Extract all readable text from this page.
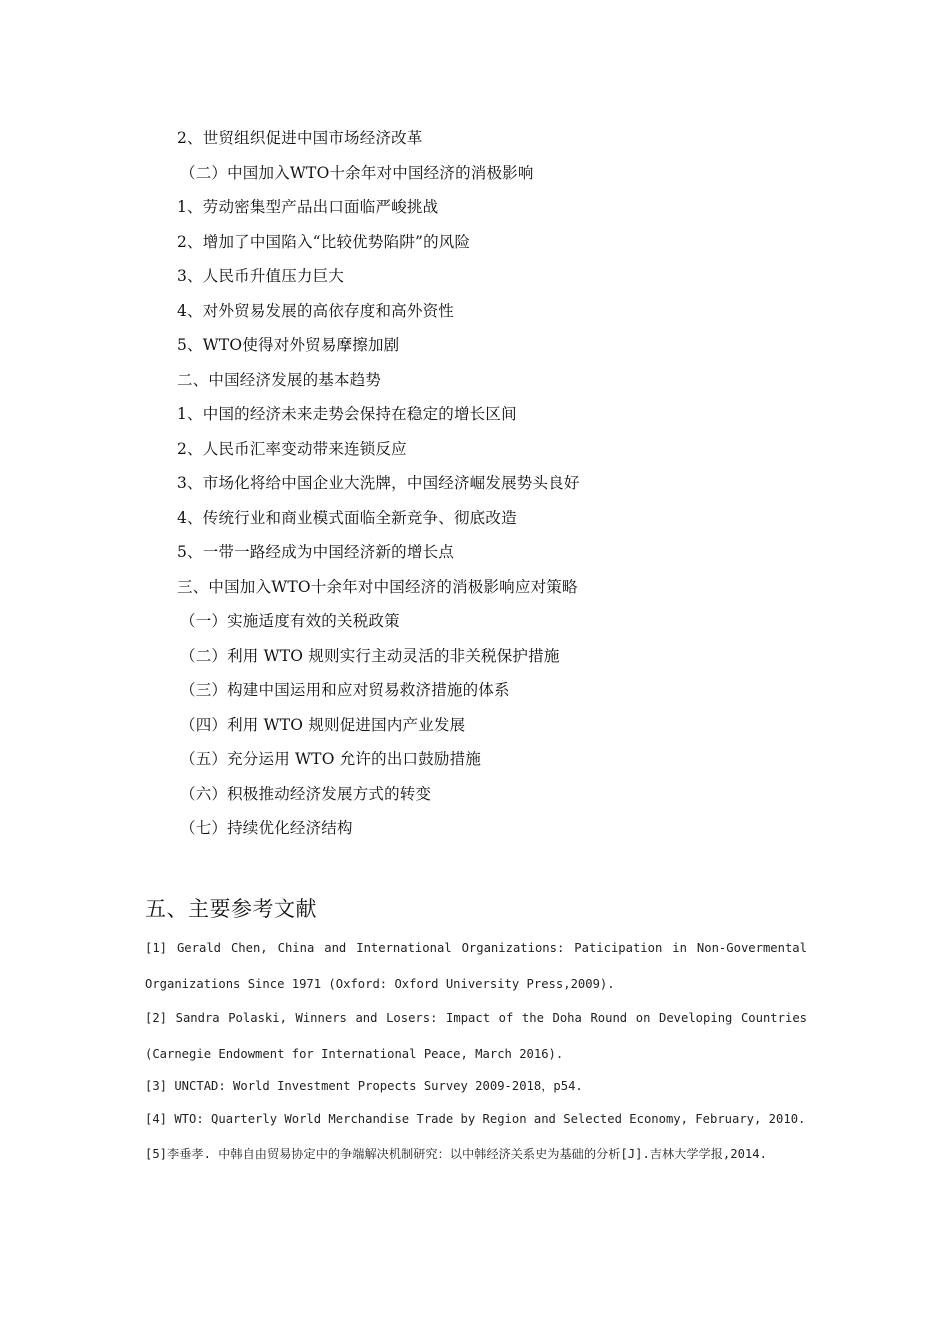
2、世贸组织促进中国市场经济改革
（二）中国加入WTO十余年对中国经济的消极影响
1、劳动密集型产品出口面临严峻挑战
2、增加了中国陷入“比较优势陷阱”的风险
3、人民币升值压力巨大
4、对外贸易发展的高依存度和高外资性
5、WTO使得对外贸易摩擦加剧
二、中国经济发展的基本趋势
1、中国的经济未来走势会保持在稳定的增长区间
2、人民币汇率变动带来连锁反应
3、市场化将给中国企业大洗牌，中国经济崛发展势头良好
4、传统行业和商业模式面临全新竞争、彻底改造
5、一带一路经成为中国经济新的增长点
三、中国加入WTO十余年对中国经济的消极影响应对策略
（一）实施适度有效的关税政策
（二）利用 WTO 规则实行主动灵活的非关税保护措施
（三）构建中国运用和应对贸易救济措施的体系
（四）利用 WTO 规则促进国内产业发展
（五）充分运用 WTO 允许的出口鼓励措施
（六）积极推动经济发展方式的转变
（七）持续优化经济结构
五、主要参考文献

[1] Gerald Chen, China and International Organizations: Paticipation in Non-Govermental Organizations Since 1971 (Oxford: Oxford University Press,2009).

[2] Sandra Polaski, Winners and Losers: Impact of the Doha Round on Developing Countries (Carnegie Endowment for International Peace, March 2016).

[3] UNCTAD: World Investment Propects Survey 2009-2018，p54.

[4] WTO: Quarterly World Merchandise Trade by Region and Selected Economy, February, 2010.

[5]李垂孝. 中韩自由贸易协定中的争端解决机制研究：以中韩经济关系史为基础的分析[J].吉林大学学报,2014.
